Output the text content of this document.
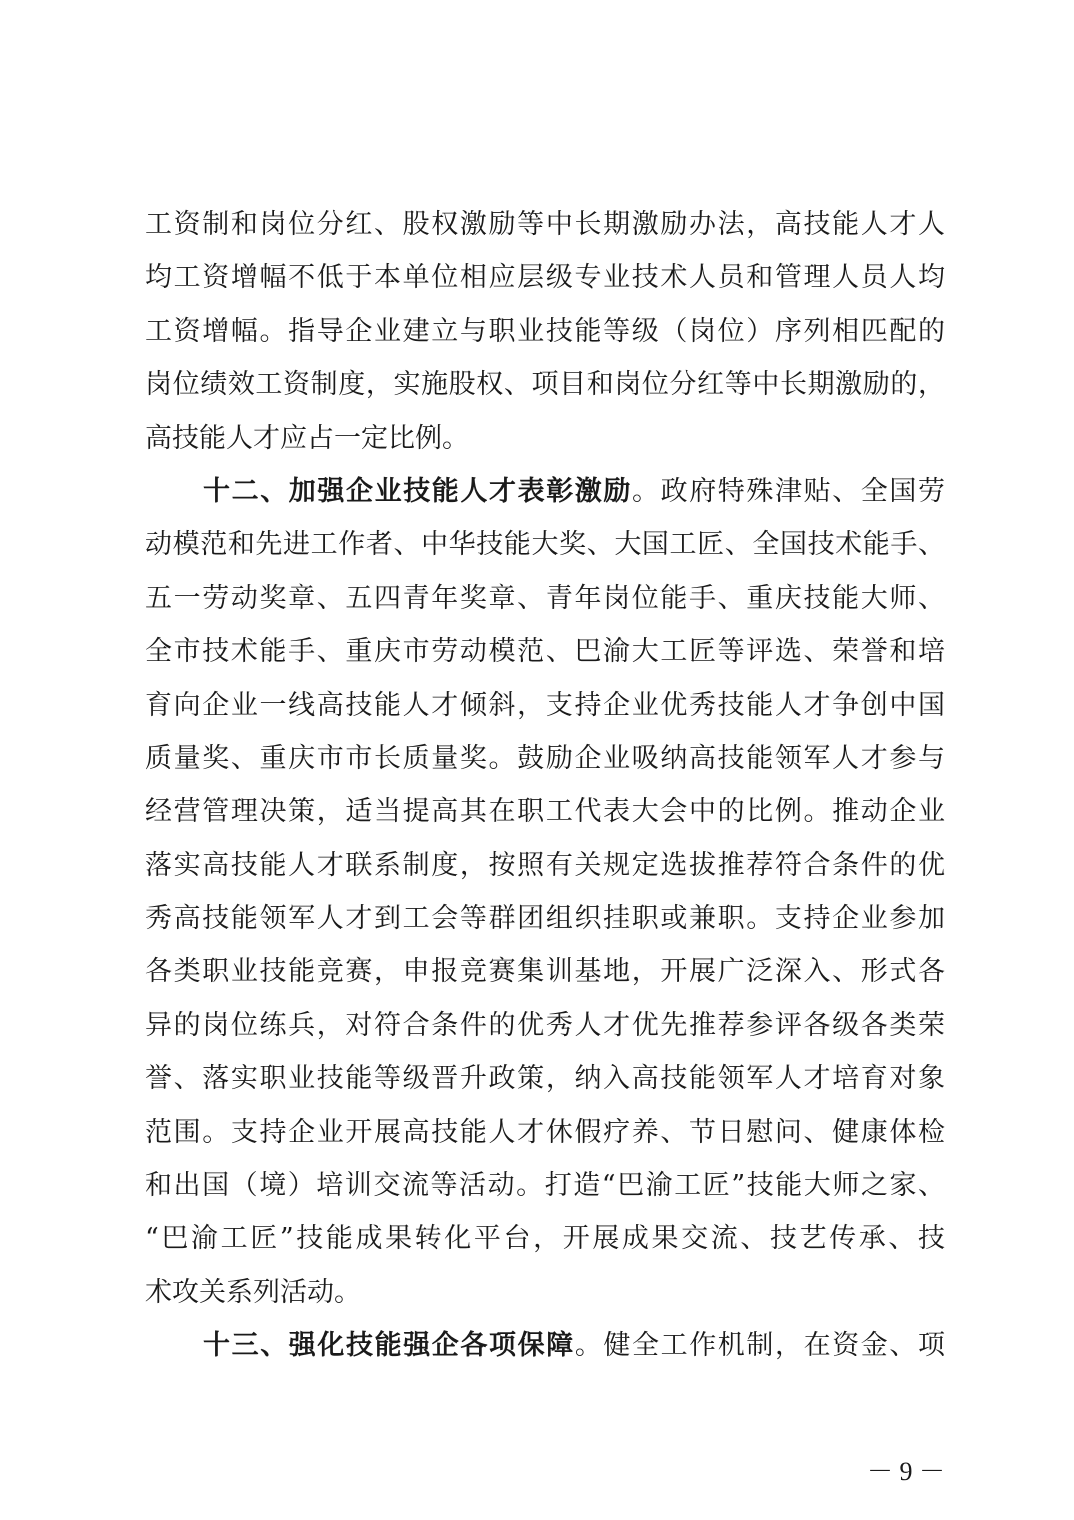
工资制和岗位分红、股权激励等中长期激励办法，高技能人才人
均工资增幅不低于本单位相应层级专业技术人员和管理人员人均
工资增幅。指导企业建立与职业技能等级（岗位）序列相匹配的
岗位绩效工资制度，实施股权、项目和岗位分红等中长期激励的，
高技能人才应占一定比例。
十二、加强企业技能人才表彰激励。政府特殊津贴、全国劳
动模范和先进工作者、中华技能大奖、大国工匠、全国技术能手、
五一劳动奖章、五四青年奖章、青年岗位能手、重庆技能大师、
全市技术能手、重庆市劳动模范、巴渝大工匠等评选、荣誉和培
育向企业一线高技能人才倾斜，支持企业优秀技能人才争创中国
质量奖、重庆市市长质量奖。鼓励企业吸纳高技能领军人才参与
经营管理决策，适当提高其在职工代表大会中的比例。推动企业
落实高技能人才联系制度，按照有关规定选拔推荐符合条件的优
秀高技能领军人才到工会等群团组织挂职或兼职。支持企业参加
各类职业技能竞赛，申报竞赛集训基地，开展广泛深入、形式各
异的岗位练兵，对符合条件的优秀人才优先推荐参评各级各类荣
誉、落实职业技能等级晋升政策，纳入高技能领军人才培育对象
范围。支持企业开展高技能人才休假疗养、节日慰问、健康体检
和出国（境）培训交流等活动。打造“巴渝工匠”技能大师之家、
“巴渝工匠”技能成果转化平台，开展成果交流、技艺传承、技
术攻关系列活动。
十三、强化技能强企各项保障。健全工作机制，在资金、项
－ 9 －
